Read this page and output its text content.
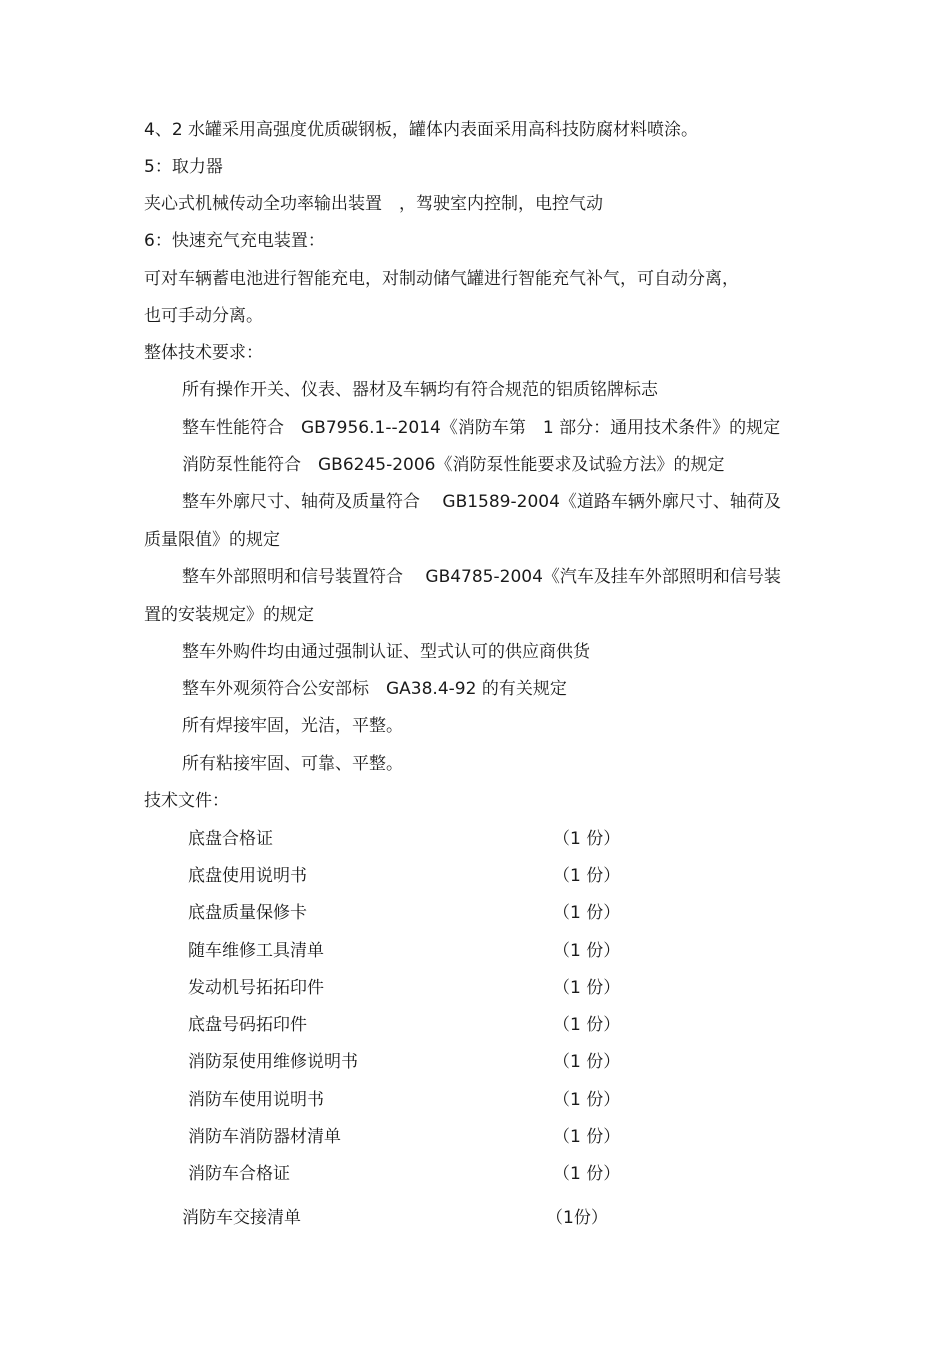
4、2 水罐采用高强度优质碳钢板，罐体内表面采用高科技防腐材料喷涂。
5：取力器
夹心式机械传动全功率输出装置　，驾驶室内控制，电控气动
6：快速充气充电装置：
可对车辆蓄电池进行智能充电，对制动储气罐进行智能充气补气，可自动分离，
也可手动分离。
整体技术要求：
所有操作开关、仪表、器材及车辆均有符合规范的铝质铭牌标志
整车性能符合　GB7956.1--2014《消防车第　1 部分：通用技术条件》的规定
消防泵性能符合　GB6245-2006《消防泵性能要求及试验方法》的规定
整车外廓尺寸、轴荷及质量符合　 GB1589-2004《道路车辆外廓尺寸、轴荷及
质量限值》的规定
整车外部照明和信号装置符合　 GB4785-2004《汽车及挂车外部照明和信号装
置的安装规定》的规定
整车外购件均由通过强制认证、型式认可的供应商供货
整车外观须符合公安部标　GA38.4-92 的有关规定
所有焊接牢固，光洁，平整。
所有粘接牢固、可靠、平整。
技术文件：
底盘合格证	（1 份）
底盘使用说明书	（1 份）
底盘质量保修卡	（1 份）
随车维修工具清单	（1 份）
发动机号拓拓印件	（1 份）
底盘号码拓印件	（1 份）
消防泵使用维修说明书	（1 份）
消防车使用说明书	（1 份）
消防车消防器材清单	（1 份）
消防车合格证	（1 份）
消防车交接清单	（1份）
